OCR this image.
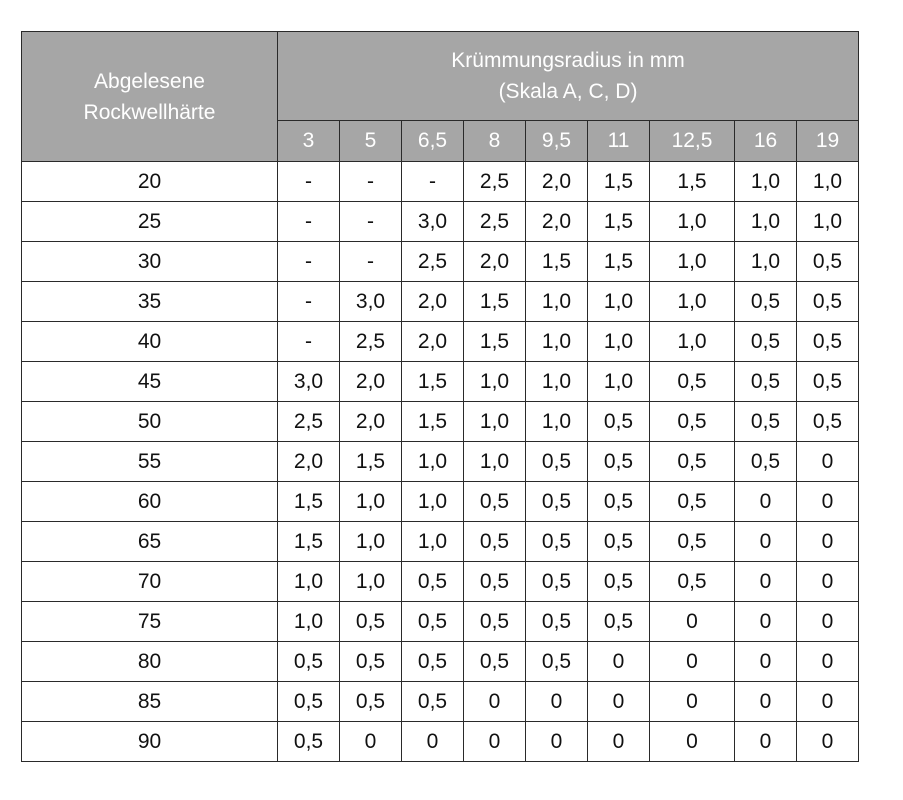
Abgelesene
Rockwellhärte	Krümmungsradius in mm
(Skala A, C, D)								
	3	5	6,5	8	9,5	11	12,5	16	19
20	-	-	-	2,5	2,0	1,5	1,5	1,0	1,0
25	-	-	3,0	2,5	2,0	1,5	1,0	1,0	1,0
30	-	-	2,5	2,0	1,5	1,5	1,0	1,0	0,5
35	-	3,0	2,0	1,5	1,0	1,0	1,0	0,5	0,5
40	-	2,5	2,0	1,5	1,0	1,0	1,0	0,5	0,5
45	3,0	2,0	1,5	1,0	1,0	1,0	0,5	0,5	0,5
50	2,5	2,0	1,5	1,0	1,0	0,5	0,5	0,5	0,5
55	2,0	1,5	1,0	1,0	0,5	0,5	0,5	0,5	0
60	1,5	1,0	1,0	0,5	0,5	0,5	0,5	0	0
65	1,5	1,0	1,0	0,5	0,5	0,5	0,5	0	0
70	1,0	1,0	0,5	0,5	0,5	0,5	0,5	0	0
75	1,0	0,5	0,5	0,5	0,5	0,5	0	0	0
80	0,5	0,5	0,5	0,5	0,5	0	0	0	0
85	0,5	0,5	0,5	0	0	0	0	0	0
90	0,5	0	0	0	0	0	0	0	0
